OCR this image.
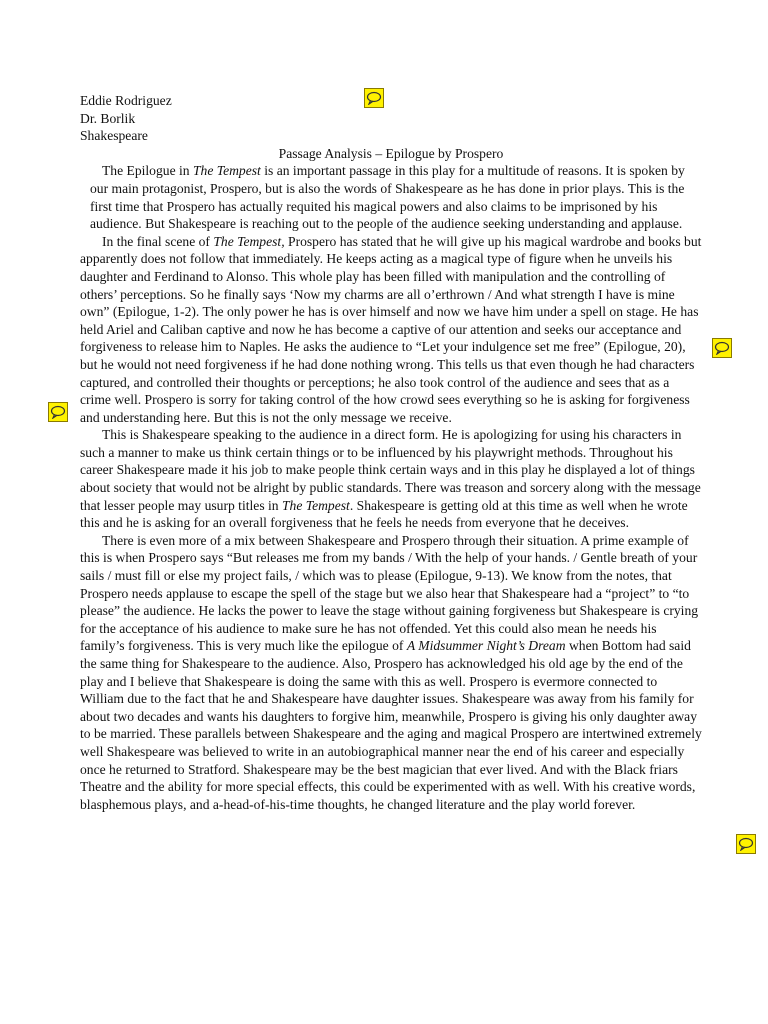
Eddie Rodriguez

Dr. Borlik

Shakespeare

Passage Analysis – Epilogue by Prospero

The Epilogue in The Tempest is an important passage in this play for a multitude of reasons. It is spoken by our main protagonist, Prospero, but is also the words of Shakespeare as he has done in prior plays. This is the first time that Prospero has actually requited his magical powers and also claims to be imprisoned by his audience. But Shakespeare is reaching out to the people of the audience seeking understanding and applause.

In the final scene of The Tempest, Prospero has stated that he will give up his magical wardrobe and books but apparently does not follow that immediately. He keeps acting as a magical type of figure when he unveils his daughter and Ferdinand to Alonso. This whole play has been filled with manipulation and the controlling of others’ perceptions. So he finally says ‘Now my charms are all o’erthrown / And what strength I have is mine own” (Epilogue, 1-2). The only power he has is over himself and now we have him under a spell on stage. He has held Ariel and Caliban captive and now he has become a captive of our attention and seeks our acceptance and forgiveness to release him to Naples. He asks the audience to “Let your indulgence set me free” (Epilogue, 20), but he would not need forgiveness if he had done nothing wrong. This tells us that even though he had characters captured, and controlled their thoughts or perceptions; he also took control of the audience and sees that as a crime well. Prospero is sorry for taking control of the how crowd sees everything so he is asking for forgiveness and understanding here. But this is not the only message we receive.

This is Shakespeare speaking to the audience in a direct form. He is apologizing for using his characters in such a manner to make us think certain things or to be influenced by his playwright methods. Throughout his career Shakespeare made it his job to make people think certain ways and in this play he displayed a lot of things about society that would not be alright by public standards. There was treason and sorcery along with the message that lesser people may usurp titles in The Tempest. Shakespeare is getting old at this time as well when he wrote this and he is asking for an overall forgiveness that he feels he needs from everyone that he deceives.

There is even more of a mix between Shakespeare and Prospero through their situation. A prime example of this is when Prospero says “But releases me from my bands / With the help of your hands. / Gentle breath of your sails / must fill or else my project fails, / which was to please (Epilogue, 9-13). We know from the notes, that Prospero needs applause to escape the spell of the stage but we also hear that Shakespeare had a “project” to “to please” the audience. He lacks the power to leave the stage without gaining forgiveness but Shakespeare is crying for the acceptance of his audience to make sure he has not offended. Yet this could also mean he needs his family’s forgiveness. This is very much like the epilogue of A Midsummer Night’s Dream when Bottom had said the same thing for Shakespeare to the audience. Also, Prospero has acknowledged his old age by the end of the play and I believe that Shakespeare is doing the same with this as well. Prospero is evermore connected to William due to the fact that he and Shakespeare have daughter issues. Shakespeare was away from his family for about two decades and wants his daughters to forgive him, meanwhile, Prospero is giving his only daughter away to be married. These parallels between Shakespeare and the aging and magical Prospero are intertwined extremely well Shakespeare was believed to write in an autobiographical manner near the end of his career and especially once he returned to Stratford. Shakespeare may be the best magician that ever lived. And with the Black friars Theatre and the ability for more special effects, this could be experimented with as well. With his creative words, blasphemous plays, and a-head-of-his-time thoughts, he changed literature and the play world forever.
